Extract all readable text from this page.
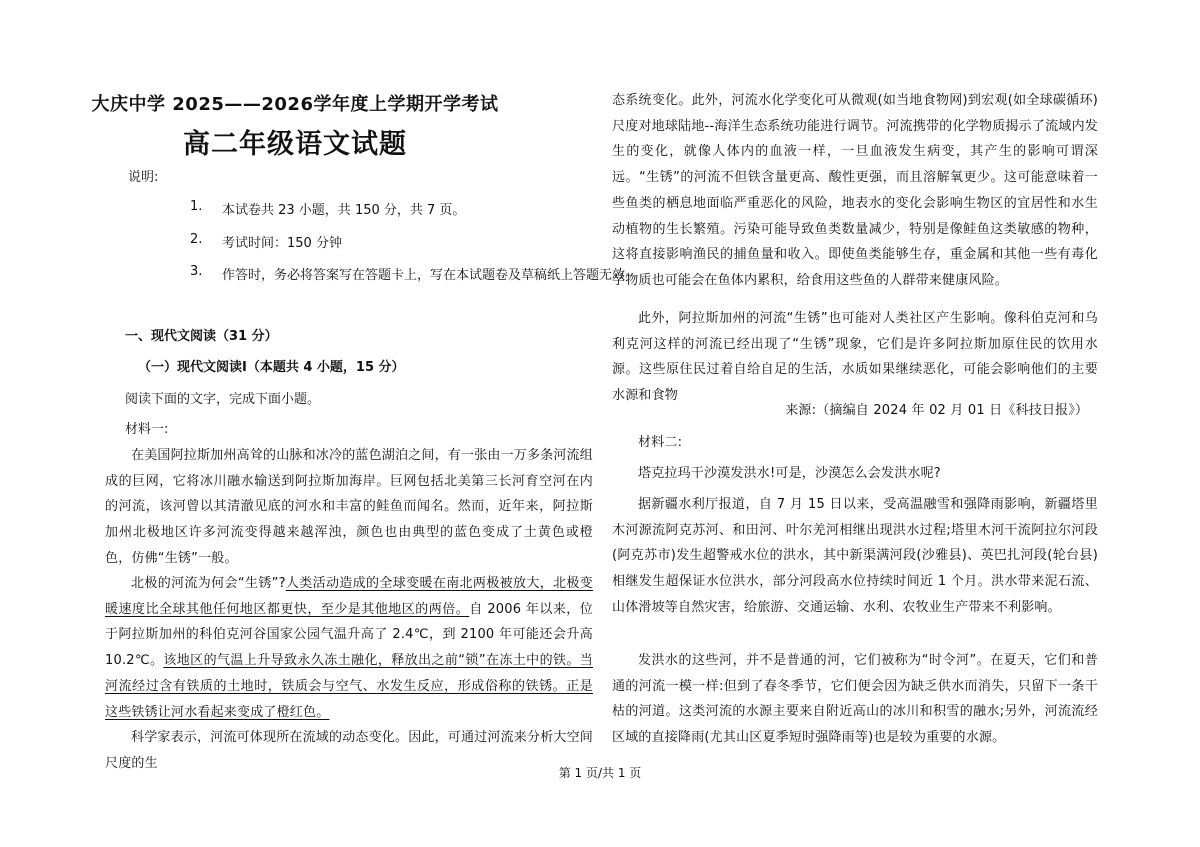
大庆中学 2025——2026学年度上学期开学考试
高二年级语文试题
说明:
1. 本试卷共 23 小题，共 150 分，共 7 页。
2. 考试时间：150 分钟
3. 作答时，务必将答案写在答题卡上，写在本试题卷及草稿纸上答题无效
一、现代文阅读（31 分）
（一）现代文阅读I（本题共 4 小题，15 分）
阅读下面的文字，完成下面小题。
材料一:

在美国阿拉斯加州高耸的山脉和冰冷的蓝色湖泊之间，有一张由一万多条河流组成的巨网，它将冰川融水输送到阿拉斯加海岸。巨网包括北美第三长河育空河在内的河流，该河曾以其清澈见底的河水和丰富的鲑鱼而闻名。然而，近年来，阿拉斯加州北极地区许多河流变得越来越浑浊，颜色也由典型的蓝色变成了土黄色或橙色，仿佛“生锈”一般。

北极的河流为何会“生锈”?人类活动造成的全球变暖在南北两极被放大，北极变暖速度比全球其他任何地区都更快，至少是其他地区的两倍。自 2006 年以来，位于阿拉斯加州的科伯克河谷国家公园气温升高了 2.4℃，到 2100 年可能还会升高 10.2℃。该地区的气温上升导致永久冻土融化，释放出之前“锁”在冻土中的铁。当河流经过含有铁质的土地时，铁质会与空气、水发生反应，形成俗称的铁锈。正是这些铁锈让河水看起来变成了橙红色。

科学家表示，河流可体现所在流域的动态变化。因此，可通过河流来分析大空间尺度的生

态系统变化。此外，河流水化学变化可从微观(如当地食物网)到宏观(如全球碳循环)尺度对地球陆地--海洋生态系统功能进行调节。河流携带的化学物质揭示了流域内发生的变化，就像人体内的血液一样，一旦血液发生病变，其产生的影响可谓深远。“生锈”的河流不但铁含量更高、酸性更强，而且溶解氧更少。这可能意味着一些鱼类的栖息地面临严重恶化的风险，地表水的变化会影响生物区的宜居性和水生动植物的生长繁殖。污染可能导致鱼类数量减少，特别是像鲑鱼这类敏感的物种，这将直接影响渔民的捕鱼量和收入。即使鱼类能够生存，重金属和其他一些有毒化学物质也可能会在鱼体内累积，给食用这些鱼的人群带来健康风险。

此外，阿拉斯加州的河流“生锈”也可能对人类社区产生影响。像科伯克河和乌利克河这样的河流已经出现了“生锈”现象，它们是许多阿拉斯加原住民的饮用水源。这些原住民过着自给自足的生活，水质如果继续恶化，可能会影响他们的主要水源和食物

来源:（摘编自 2024 年 02 月 01 日《科技日报》）

材料二:

塔克拉玛干沙漠发洪水!可是，沙漠怎么会发洪水呢?

据新疆水利厅报道，自 7 月 15 日以来，受高温融雪和强降雨影响，新疆塔里木河源流阿克苏河、和田河、叶尔羌河相继出现洪水过程;塔里木河干流阿拉尔河段(阿克苏市)发生超警戒水位的洪水，其中新渠满河段(沙雅县)、英巴扎河段(轮台县)相继发生超保证水位洪水，部分河段高水位持续时间近 1 个月。洪水带来泥石流、山体滑坡等自然灾害，给旅游、交通运输、水利、农牧业生产带来不利影响。

发洪水的这些河，并不是普通的河，它们被称为“时令河”。在夏天，它们和普通的河流一模一样:但到了春冬季节，它们便会因为缺乏供水而消失，只留下一条干枯的河道。这类河流的水源主要来自附近高山的冰川和积雪的融水;另外，河流流经区域的直接降雨(尤其山区夏季短时强降雨等)也是较为重要的水源。

第 1 页/共 1 页
